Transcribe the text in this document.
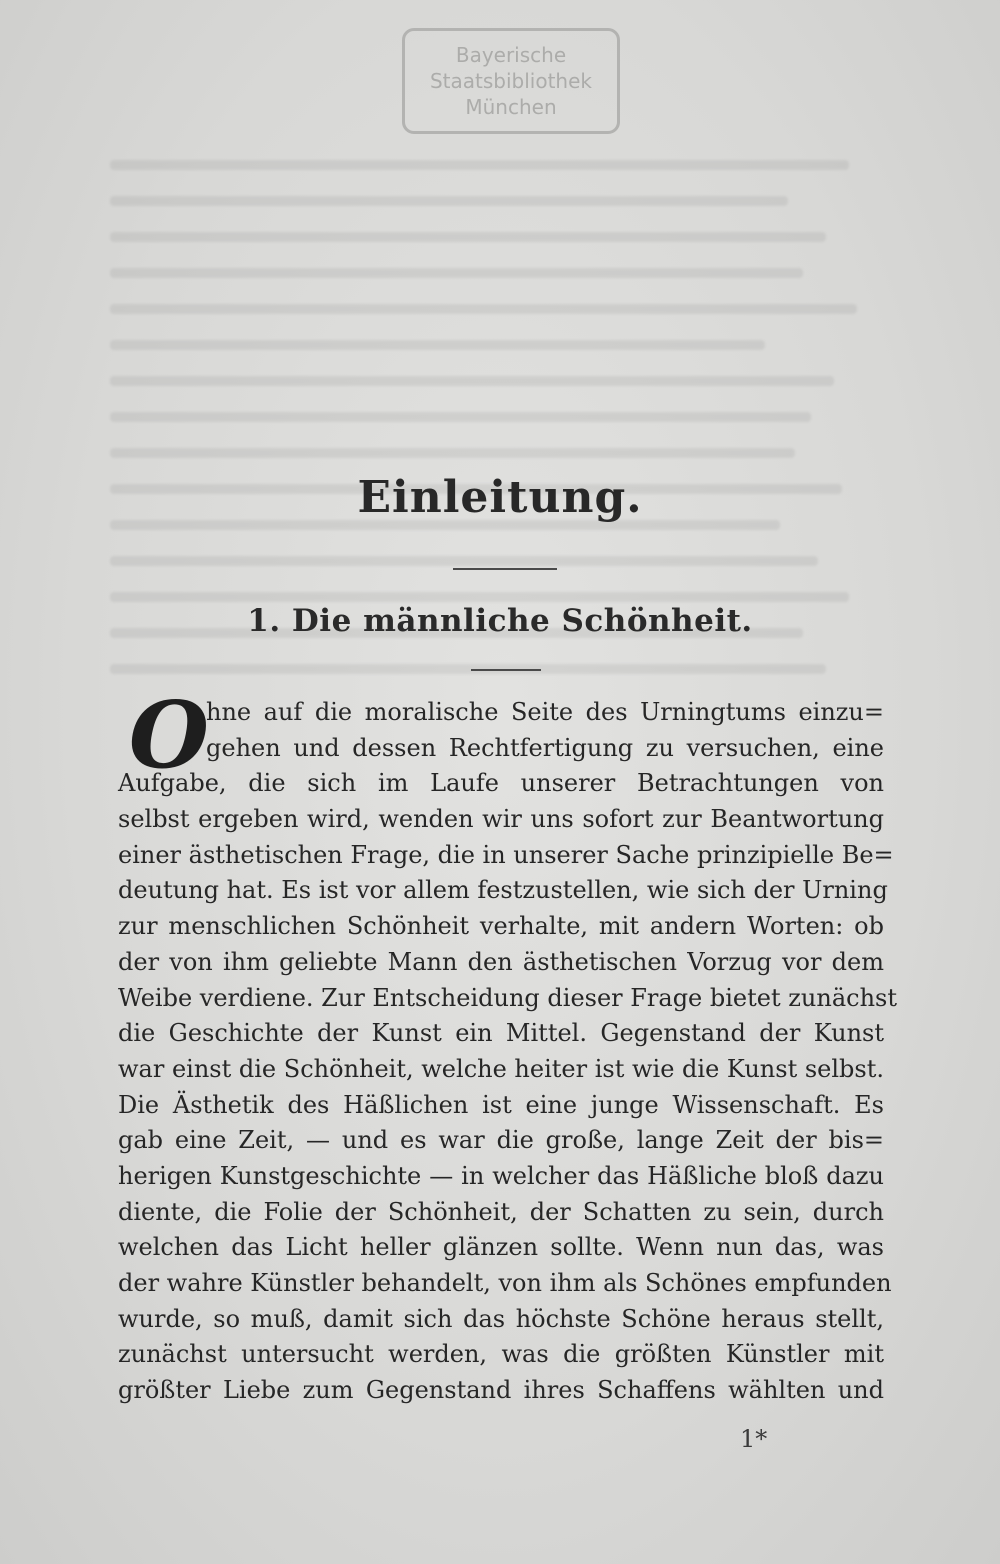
Bayerische
Staatsbibliothek
München
Einleitung.
1. Die männliche Schönheit.
O
hne auf die moralische Seite des Urningtums einzu=
gehen und dessen Rechtfertigung zu versuchen, eine
Aufgabe, die sich im Laufe unserer Betrachtungen von
selbst ergeben wird, wenden wir uns sofort zur Beantwortung
einer ästhetischen Frage, die in unserer Sache prinzipielle Be=
deutung hat. Es ist vor allem festzustellen, wie sich der Urning
zur menschlichen Schönheit verhalte, mit andern Worten: ob
der von ihm geliebte Mann den ästhetischen Vorzug vor dem
Weibe verdiene. Zur Entscheidung dieser Frage bietet zunächst
die Geschichte der Kunst ein Mittel. Gegenstand der Kunst
war einst die Schönheit, welche heiter ist wie die Kunst selbst.
Die Ästhetik des Häßlichen ist eine junge Wissenschaft. Es
gab eine Zeit, — und es war die große, lange Zeit der bis=
herigen Kunstgeschichte — in welcher das Häßliche bloß dazu
diente, die Folie der Schönheit, der Schatten zu sein, durch
welchen das Licht heller glänzen sollte. Wenn nun das, was
der wahre Künstler behandelt, von ihm als Schönes empfunden
wurde, so muß, damit sich das höchste Schöne heraus stellt,
zunächst untersucht werden, was die größten Künstler mit
größter Liebe zum Gegenstand ihres Schaffens wählten und
1*
